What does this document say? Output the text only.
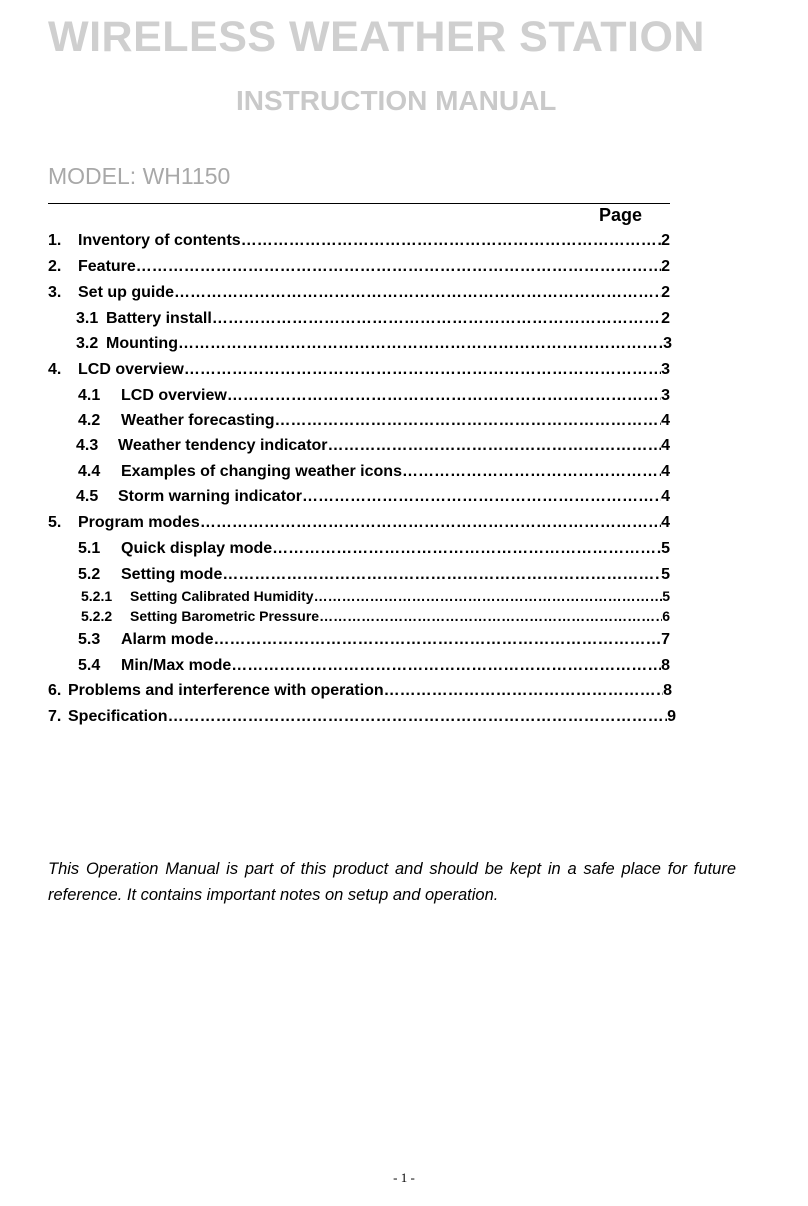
WIRELESS WEATHER STATION
INSTRUCTION MANUAL
MODEL: WH1150
Page
1.	Inventory of contents ……………………………………………………………………………………………………………………………………………………………………	2
2.	Feature ……………………………………………………………………………………………………………………………………………………………………	2
3.	Set up guide ……………………………………………………………………………………………………………………………………………………………………	2
3.1 Battery install ……………………………………………………………………………………………………………………………………………………………………	2
3.2 Mounting ……………………………………………………………………………………………………………………………………………………………………	3
4.	LCD overview ……………………………………………………………………………………………………………………………………………………………………	3
4.1	LCD overview ……………………………………………………………………………………………………………………………………………………………………	3
4.2	Weather forecasting ……………………………………………………………………………………………………………………………………………………………………	4
4.3	Weather tendency indicator ……………………………………………………………………………………………………………………………………………………………………	4
4.4	Examples of changing weather icons ……………………………………………………………………………………………………………………………………………………………………	4
4.5	Storm warning indicator ……………………………………………………………………………………………………………………………………………………………………	4
5.	Program modes ……………………………………………………………………………………………………………………………………………………………………	4
5.1	Quick display mode ……………………………………………………………………………………………………………………………………………………………………	5
5.2	Setting mode ……………………………………………………………………………………………………………………………………………………………………	5
5.2.1	Setting Calibrated Humidity ……………………………………………………………………………………………………………………………………………………………………	5
5.2.2	Setting Barometric Pressure ……………………………………………………………………………………………………………………………………………………………………	6
5.3	Alarm mode ……………………………………………………………………………………………………………………………………………………………………	7
5.4	Min/Max mode ……………………………………………………………………………………………………………………………………………………………………	8
6. Problems and interference with operation ……………………………………………………………………………………………………………………………………………………………………	8
7. Specification ……………………………………………………………………………………………………………………………………………………………………	9
This Operation Manual is part of this product and should be kept in a safe place for future reference. It contains important notes on setup and operation.
- 1 -
